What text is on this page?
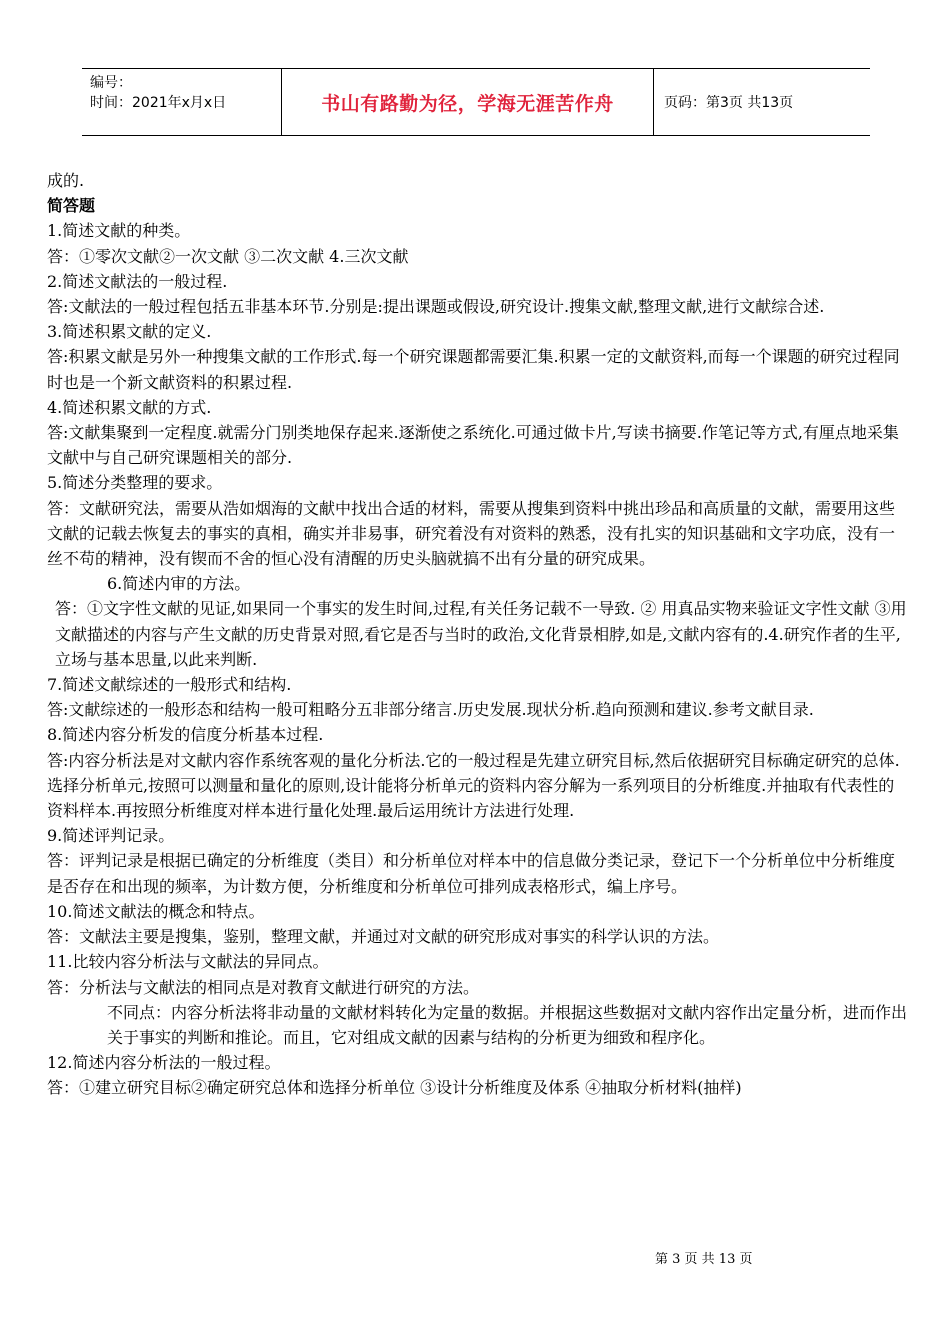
编号：
时间：2021年x月x日	书山有路勤为径，学海无涯苦作舟	页码：第3页 共13页

成的.

简答题

1.简述文献的种类。

答：①零次文献②一次文献 ③二次文献 4.三次文献

2.简述文献法的一般过程.

答:文献法的一般过程包括五非基本环节.分别是:提出课题或假设,研究设计.搜集文献,整理文献,进行文献综合述.

3.简述积累文献的定义.

答:积累文献是另外一种搜集文献的工作形式.每一个研究课题都需要汇集.积累一定的文献资料,而每一个课题的研究过程同时也是一个新文献资料的积累过程.

4.简述积累文献的方式.

答:文献集聚到一定程度.就需分门别类地保存起来.逐渐使之系统化.可通过做卡片,写读书摘要.作笔记等方式,有厘点地采集文献中与自己研究课题相关的部分.

5.简述分类整理的要求。

答：文献研究法，需要从浩如烟海的文献中找出合适的材料，需要从搜集到资料中挑出珍品和高质量的文献，需要用这些文献的记载去恢复去的事实的真相，确实并非易事，研究着没有对资料的熟悉，没有扎实的知识基础和文字功底，没有一丝不苟的精神，没有锲而不舍的恒心没有清醒的历史头脑就搞不出有分量的研究成果。

6.简述内审的方法。

答：①文字性文献的见证,如果同一个事实的发生时间,过程,有关任务记载不一导致. ② 用真品实物来验证文字性文献 ③用文献描述的内容与产生文献的历史背景对照,看它是否与当时的政治,文化背景相脖,如是,文献内容有的.4.研究作者的生平,立场与基本思量,以此来判断.

7.简述文献综述的一般形式和结构.

答:文献综述的一般形态和结构一般可粗略分五非部分绪言.历史发展.现状分析.趋向预测和建议.参考文献目录.

8.简述内容分析发的信度分析基本过程.

答:内容分析法是对文献内容作系统客观的量化分析法.它的一般过程是先建立研究目标,然后依据研究目标确定研究的总体.选择分析单元,按照可以测量和量化的原则,设计能将分析单元的资料内容分解为一系列项目的分析维度.并抽取有代表性的资料样本.再按照分析维度对样本进行量化处理.最后运用统计方法进行处理.

9.简述评判记录。

答：评判记录是根据已确定的分析维度（类目）和分析单位对样本中的信息做分类记录，登记下一个分析单位中分析维度是否存在和出现的频率，为计数方便，分析维度和分析单位可排列成表格形式，编上序号。

10.简述文献法的概念和特点。

答：文献法主要是搜集，鉴别，整理文献，并通过对文献的研究形成对事实的科学认识的方法。

11.比较内容分析法与文献法的异同点。

答：分析法与文献法的相同点是对教育文献进行研究的方法。

不同点：内容分析法将非动量的文献材料转化为定量的数据。并根据这些数据对文献内容作出定量分析，进而作出关于事实的判断和推论。而且，它对组成文献的因素与结构的分析更为细致和程序化。

12.简述内容分析法的一般过程。

答：①建立研究目标②确定研究总体和选择分析单位 ③设计分析维度及体系 ④抽取分析材料(抽样)

第 3 页 共 13 页
